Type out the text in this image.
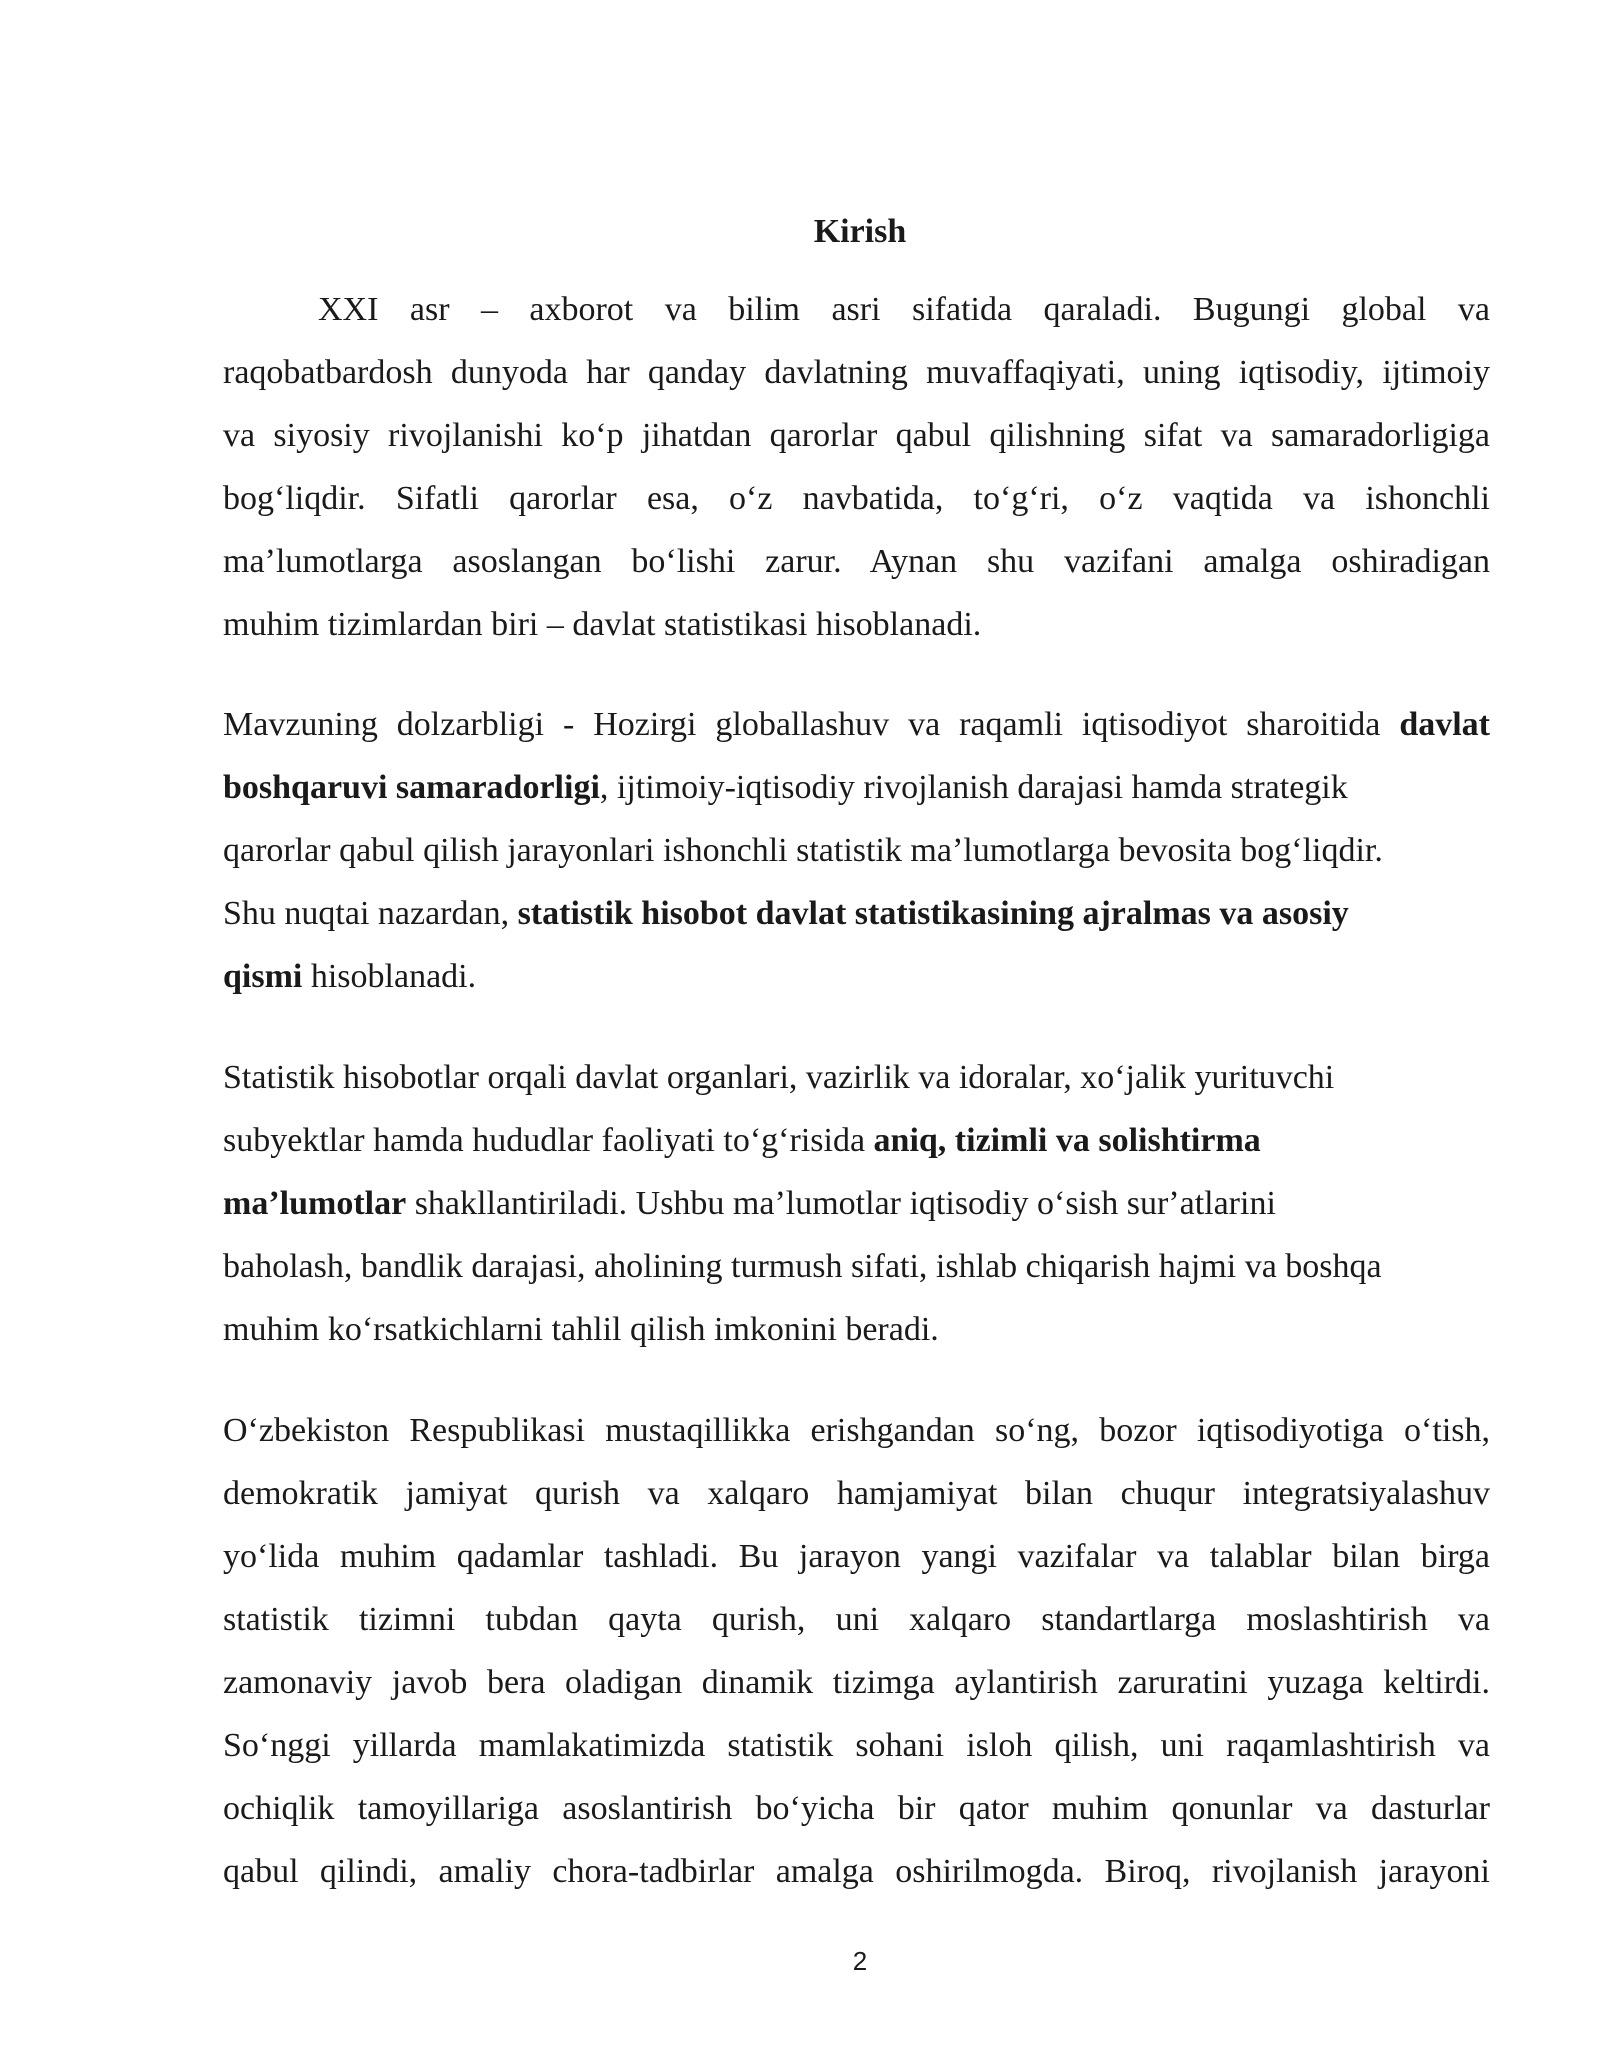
Kirish

XXI asr – axborot va bilim asri sifatida qaraladi. Bugungi global va

raqobatbardosh dunyoda har qanday davlatning muvaffaqiyati, uning iqtisodiy, ijtimoiy

va siyosiy rivojlanishi koʻp jihatdan qarorlar qabul qilishning sifat va samaradorligiga

bogʻliqdir. Sifatli qarorlar esa, oʻz navbatida, toʻgʻri, oʻz vaqtida va ishonchli

maʼlumotlarga asoslangan boʻlishi zarur. Aynan shu vazifani amalga oshiradigan

muhim tizimlardan biri – davlat statistikasi hisoblanadi.

Mavzuning dolzarbligi - Hozirgi globallashuv va raqamli iqtisodiyot sharoitida davlat

boshqaruvi samaradorligi, ijtimoiy-iqtisodiy rivojlanish darajasi hamda strategik

qarorlar qabul qilish jarayonlari ishonchli statistik maʼlumotlarga bevosita bogʻliqdir.

Shu nuqtai nazardan, statistik hisobot davlat statistikasining ajralmas va asosiy

qismi hisoblanadi.

Statistik hisobotlar orqali davlat organlari, vazirlik va idoralar, xoʻjalik yurituvchi

subyektlar hamda hududlar faoliyati toʻgʻrisida aniq, tizimli va solishtirma

maʼlumotlar shakllantiriladi. Ushbu maʼlumotlar iqtisodiy oʻsish surʼatlarini

baholash, bandlik darajasi, aholining turmush sifati, ishlab chiqarish hajmi va boshqa

muhim koʻrsatkichlarni tahlil qilish imkonini beradi.

Oʻzbekiston Respublikasi mustaqillikka erishgandan soʻng, bozor iqtisodiyotiga oʻtish,

demokratik jamiyat qurish va xalqaro hamjamiyat bilan chuqur integratsiyalashuv

yoʻlida muhim qadamlar tashladi. Bu jarayon yangi vazifalar va talablar bilan birga

statistik tizimni tubdan qayta qurish, uni xalqaro standartlarga moslashtirish va

zamonaviy javob bera oladigan dinamik tizimga aylantirish zaruratini yuzaga keltirdi.

Soʻnggi yillarda mamlakatimizda statistik sohani isloh qilish, uni raqamlashtirish va

ochiqlik tamoyillariga asoslantirish boʻyicha bir qator muhim qonunlar va dasturlar

qabul qilindi, amaliy chora-tadbirlar amalga oshirilmogda. Biroq, rivojlanish jarayoni

2
